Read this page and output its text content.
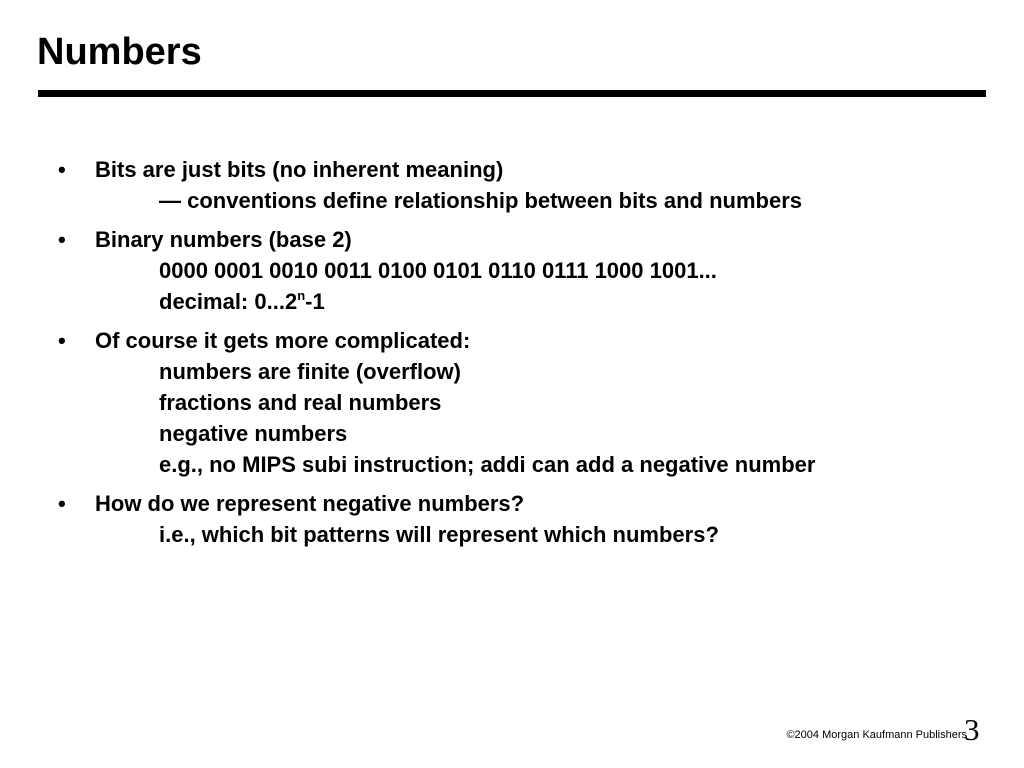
Numbers
• Bits are just bits (no inherent meaning)
— conventions define relationship between bits and numbers
• Binary numbers (base 2)
0000 0001 0010 0011 0100 0101 0110 0111 1000 1001...
decimal: 0...2$^n$-1
• Of course it gets more complicated:
numbers are finite (overflow)
fractions and real numbers
negative numbers
e.g., no MIPS subi instruction; addi can add a negative number
• How do we represent negative numbers?
i.e., which bit patterns will represent which numbers?
©2004 Morgan Kaufmann Publishers
3
